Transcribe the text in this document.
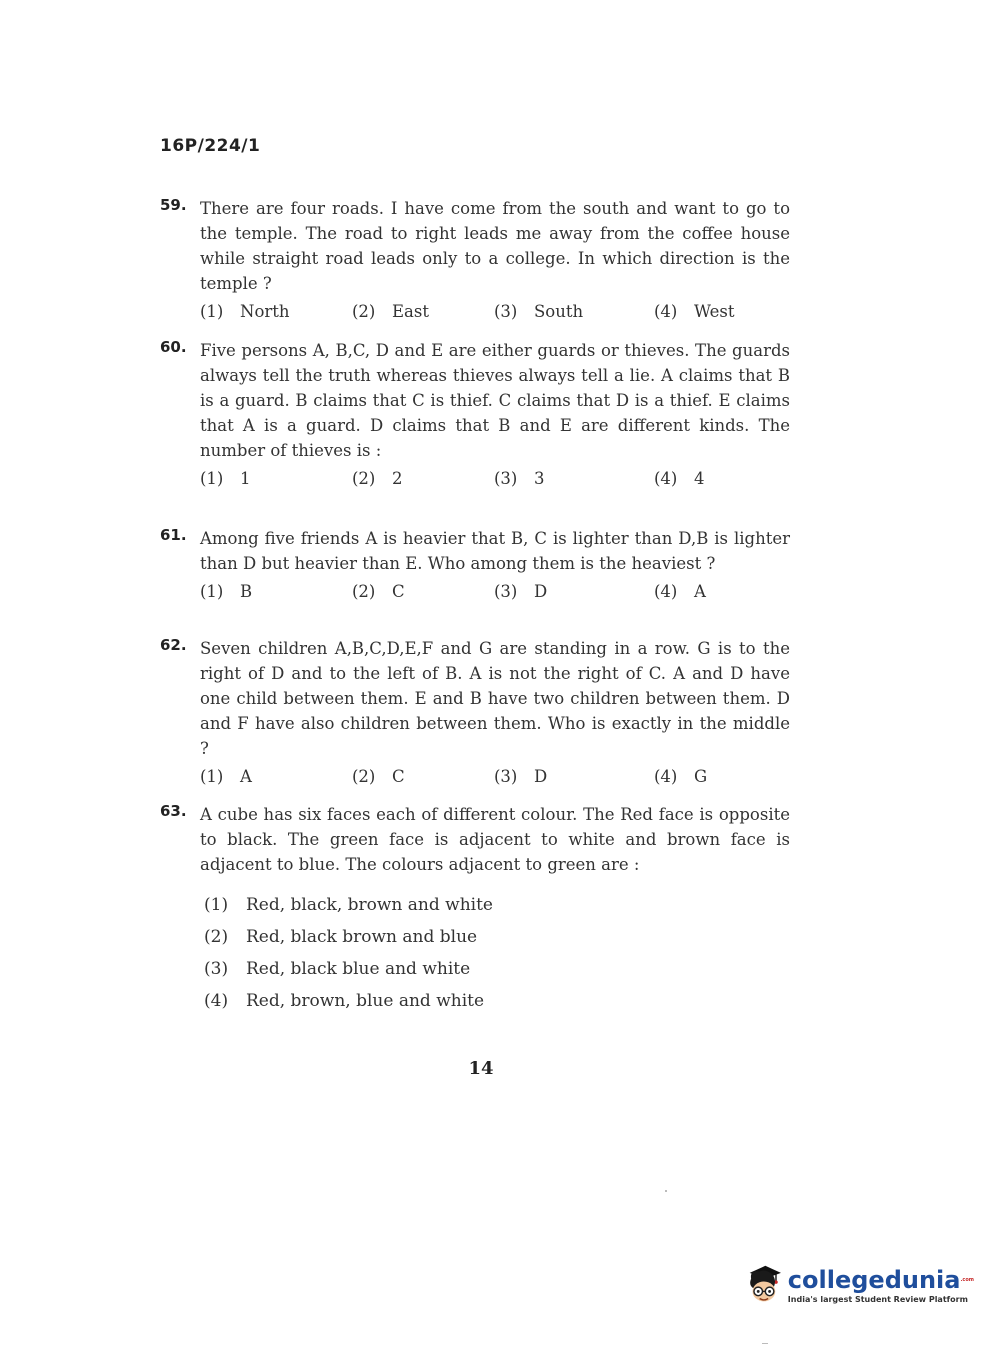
16P/224/1
59. There are four roads. I have come from the south and want to go to the temple. The road to right leads me away from the coffee house while straight road leads only to a college. In which direction is the temple ?
(1)	North	(2)	East	(3)	South	(4)	West
60. Five persons A, B,C, D and E are either guards or thieves. The guards always tell the truth whereas thieves always tell a lie. A claims that B is a guard. B claims that C is thief. C claims that D is a thief. E claims that A is a guard. D claims that B and E are different kinds. The number of thieves is :
(1)	1	(2)	2	(3)	3	(4)	4
61. Among five friends A is heavier that B, C is lighter than D,B is lighter than D but heavier than E. Who among them is the heaviest ?
(1)	B	(2)	C	(3)	D	(4)	A
62. Seven children A,B,C,D,E,F and G are standing in a row. G is to the right of D and to the left of B. A is not the right of C. A and D have one child between them. E and B have two children between them. D and F have also children between them. Who is exactly in the middle ?
(1)	A	(2)	C	(3)	D	(4)	G
63. A cube has six faces each of different colour. The Red face is opposite to black. The green face is adjacent to white and brown face is adjacent to blue. The colours adjacent to green are :
(1)	Red, black, brown and white
(2)	Red, black brown and blue
(3)	Red, black blue and white
(4)	Red, brown, blue and white
14
collegedunia$^{.com}$
India's largest Student Review Platform
